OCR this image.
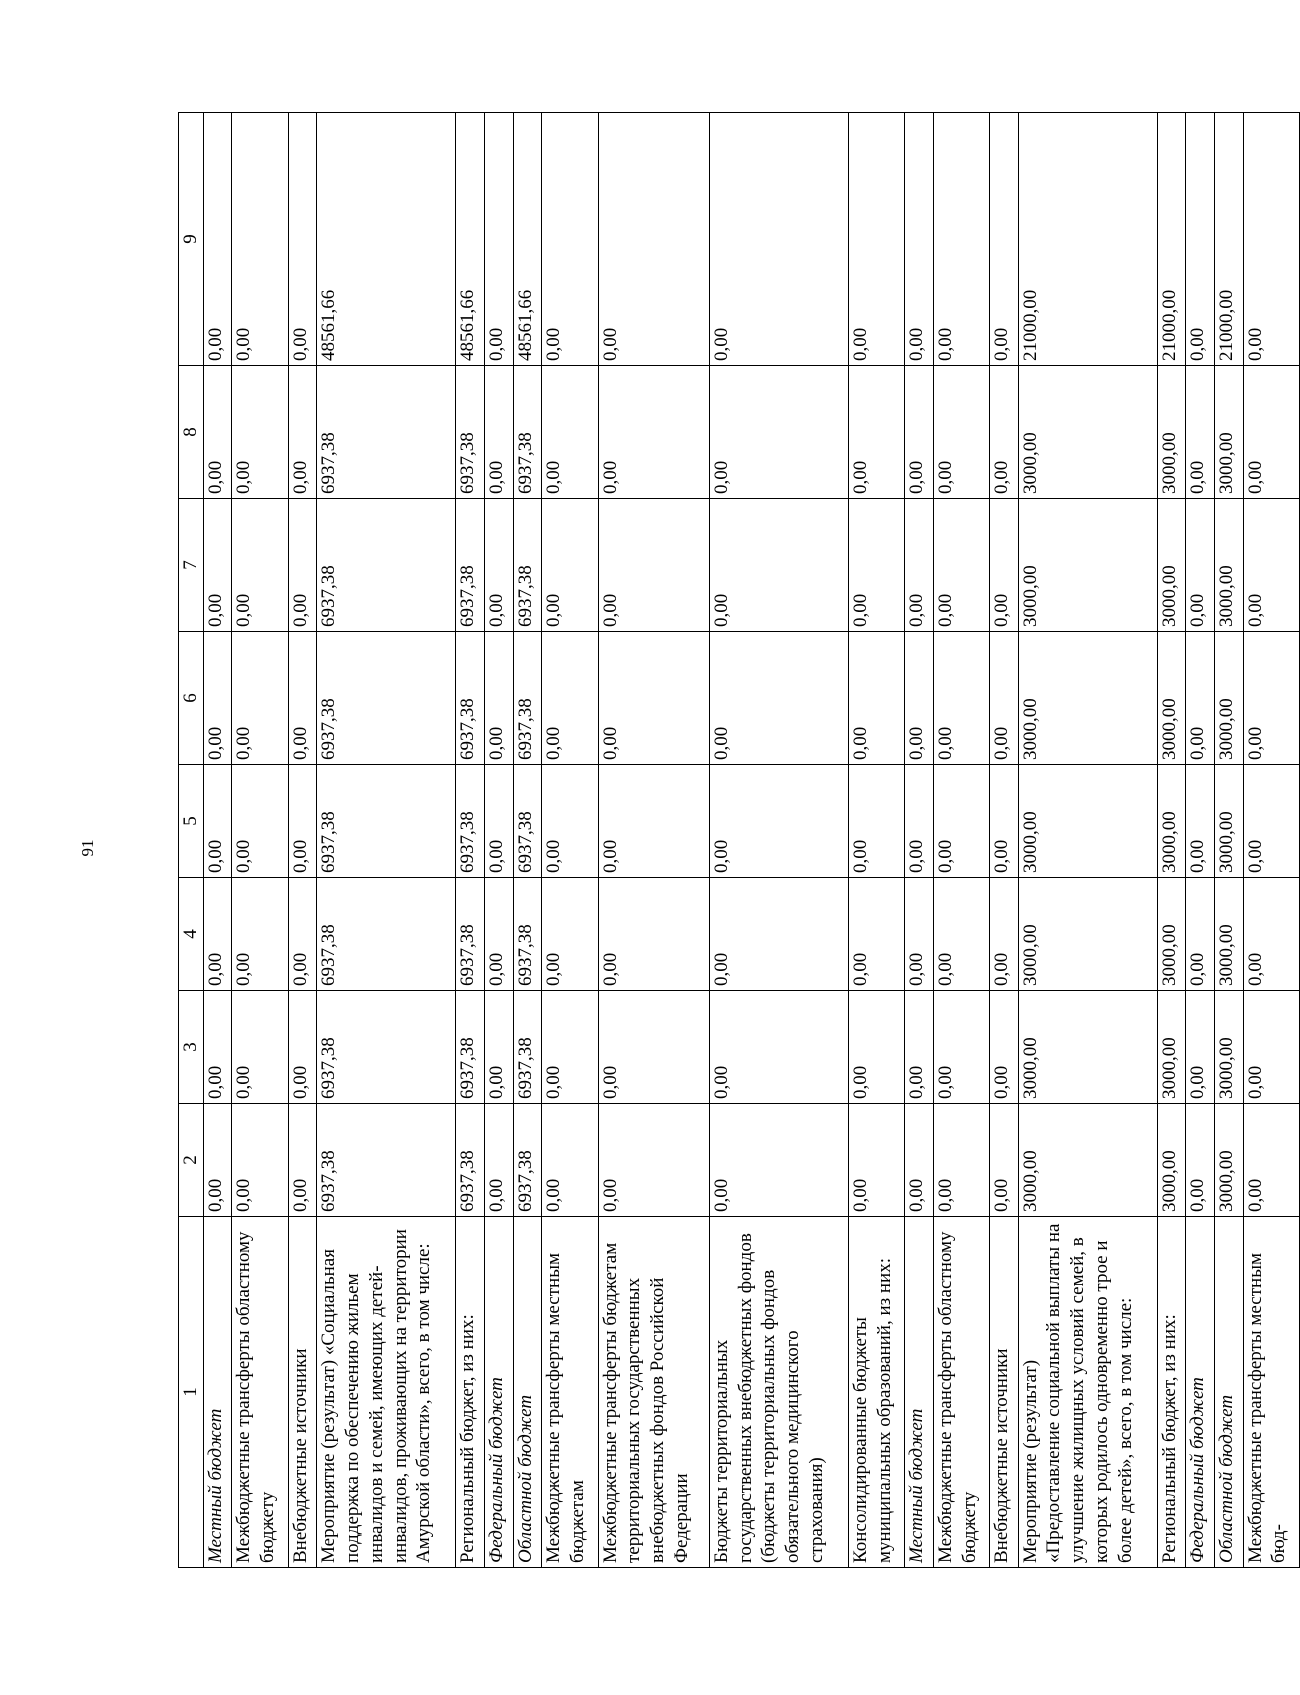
91
1	2	3	4	5	6	7	8	9
Местный бюджет	0,00	0,00	0,00	0,00	0,00	0,00	0,00	0,00
Межбюджетные трансферты областному бюджету	0,00	0,00	0,00	0,00	0,00	0,00	0,00	0,00
Внебюджетные источники	0,00	0,00	0,00	0,00	0,00	0,00	0,00	0,00
Мероприятие (результат) «Социальная поддержка по обеспечению жильем инвалидов и семей, имеющих детей-инвалидов, проживающих на территории Амурской области», всего, в том числе:	6937,38	6937,38	6937,38	6937,38	6937,38	6937,38	6937,38	48561,66
Региональный бюджет, из них:	6937,38	6937,38	6937,38	6937,38	6937,38	6937,38	6937,38	48561,66
Федеральный бюджет	0,00	0,00	0,00	0,00	0,00	0,00	0,00	0,00
Областной бюджет	6937,38	6937,38	6937,38	6937,38	6937,38	6937,38	6937,38	48561,66
Межбюджетные трансферты местным бюджетам	0,00	0,00	0,00	0,00	0,00	0,00	0,00	0,00
Межбюджетные трансферты бюджетам территориальных государственных внебюджетных фондов Российской Федерации	0,00	0,00	0,00	0,00	0,00	0,00	0,00	0,00
Бюджеты территориальных государственных внебюджетных фондов (бюджеты территориальных фондов обязательного медицинского страхования)	0,00	0,00	0,00	0,00	0,00	0,00	0,00	0,00
Консолидированные бюджеты муниципальных образований, из них:	0,00	0,00	0,00	0,00	0,00	0,00	0,00	0,00
Местный бюджет	0,00	0,00	0,00	0,00	0,00	0,00	0,00	0,00
Межбюджетные трансферты областному бюджету	0,00	0,00	0,00	0,00	0,00	0,00	0,00	0,00
Внебюджетные источники	0,00	0,00	0,00	0,00	0,00	0,00	0,00	0,00
Мероприятие (результат) «Предоставление социальной выплаты на улучшение жилищных условий семей, в которых родилось одновременно трое и более детей», всего, в том числе:	3000,00	3000,00	3000,00	3000,00	3000,00	3000,00	3000,00	21000,00
Региональный бюджет, из них:	3000,00	3000,00	3000,00	3000,00	3000,00	3000,00	3000,00	21000,00
Федеральный бюджет	0,00	0,00	0,00	0,00	0,00	0,00	0,00	0,00
Областной бюджет	3000,00	3000,00	3000,00	3000,00	3000,00	3000,00	3000,00	21000,00
Межбюджетные трансферты местным бюд-	0,00	0,00	0,00	0,00	0,00	0,00	0,00	0,00
